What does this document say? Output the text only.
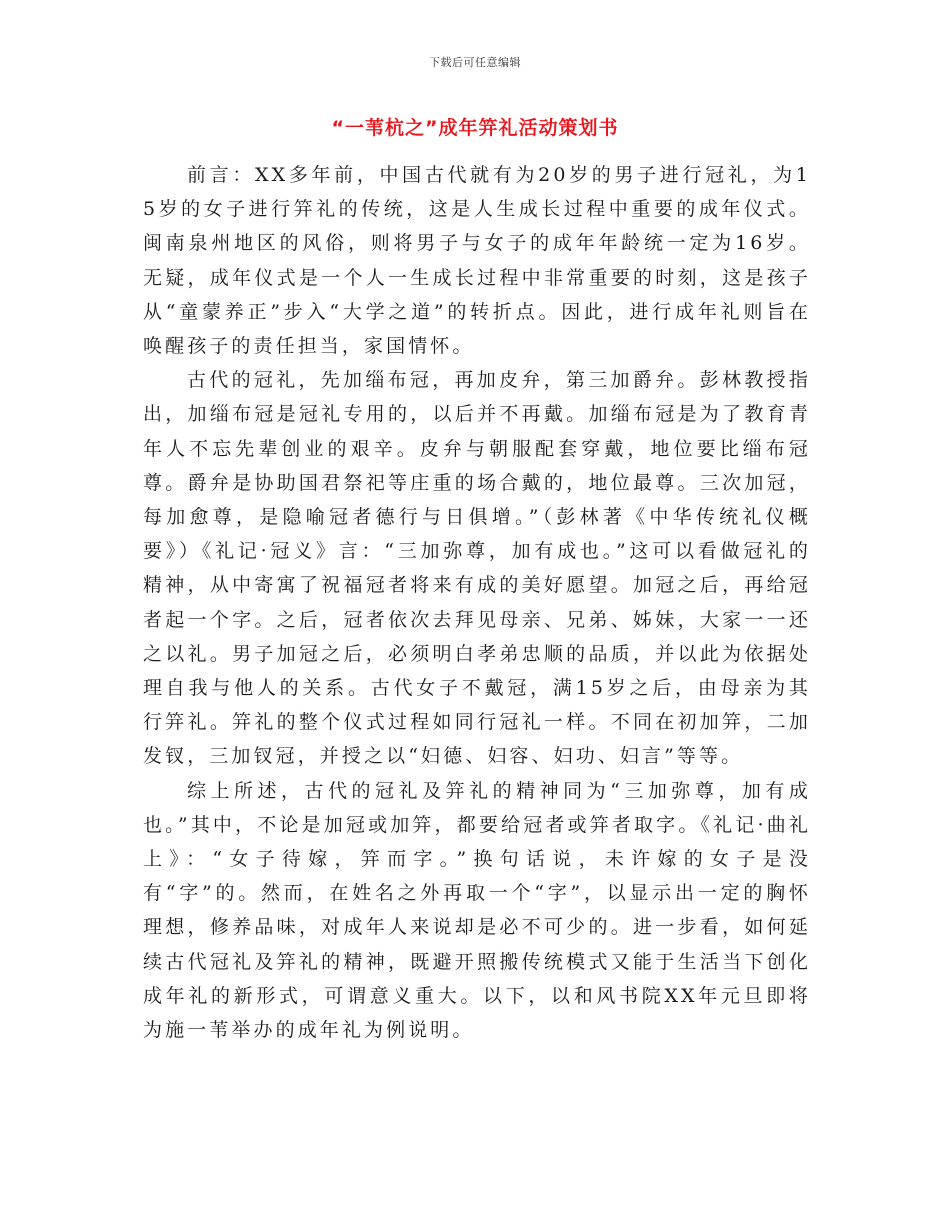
下载后可任意编辑
“一苇杭之”成年笄礼活动策划书

前言：XX多年前，中国古代就有为20岁的男子进行冠礼，为15岁的女子进行笄礼的传统，这是人生成长过程中重要的成年仪式。闽南泉州地区的风俗，则将男子与女子的成年年龄统一定为16岁。无疑，成年仪式是一个人一生成长过程中非常重要的时刻，这是孩子从“童蒙养正”步入“大学之道”的转折点。因此，进行成年礼则旨在唤醒孩子的责任担当，家国情怀。

古代的冠礼，先加缁布冠，再加皮弁，第三加爵弁。彭林教授指出，加缁布冠是冠礼专用的，以后并不再戴。加缁布冠是为了教育青年人不忘先辈创业的艰辛。皮弁与朝服配套穿戴，地位要比缁布冠尊。爵弁是协助国君祭祀等庄重的场合戴的，地位最尊。三次加冠，每加愈尊，是隐喻冠者德行与日俱增。”（彭林著《中华传统礼仪概要》）《礼记·冠义》言：“三加弥尊，加有成也。”这可以看做冠礼的精神，从中寄寓了祝福冠者将来有成的美好愿望。加冠之后，再给冠者起一个字。之后，冠者依次去拜见母亲、兄弟、姊妹，大家一一还之以礼。男子加冠之后，必须明白孝弟忠顺的品质，并以此为依据处理自我与他人的关系。古代女子不戴冠，满15岁之后，由母亲为其行笄礼。笄礼的整个仪式过程如同行冠礼一样。不同在初加笄，二加发钗，三加钗冠，并授之以“妇德、妇容、妇功、妇言”等等。

综上所述，古代的冠礼及笄礼的精神同为“三加弥尊，加有成也。”其中，不论是加冠或加笄，都要给冠者或笄者取字。《礼记·曲礼上》：“女子待嫁，笄而字。”换句话说，未许嫁的女子是没有“字”的。然而，在姓名之外再取一个“字”，以显示出一定的胸怀理想，修养品味，对成年人来说却是必不可少的。进一步看，如何延续古代冠礼及笄礼的精神，既避开照搬传统模式又能于生活当下创化成年礼的新形式，可谓意义重大。以下，以和风书院XX年元旦即将为施一苇举办的成年礼为例说明。
